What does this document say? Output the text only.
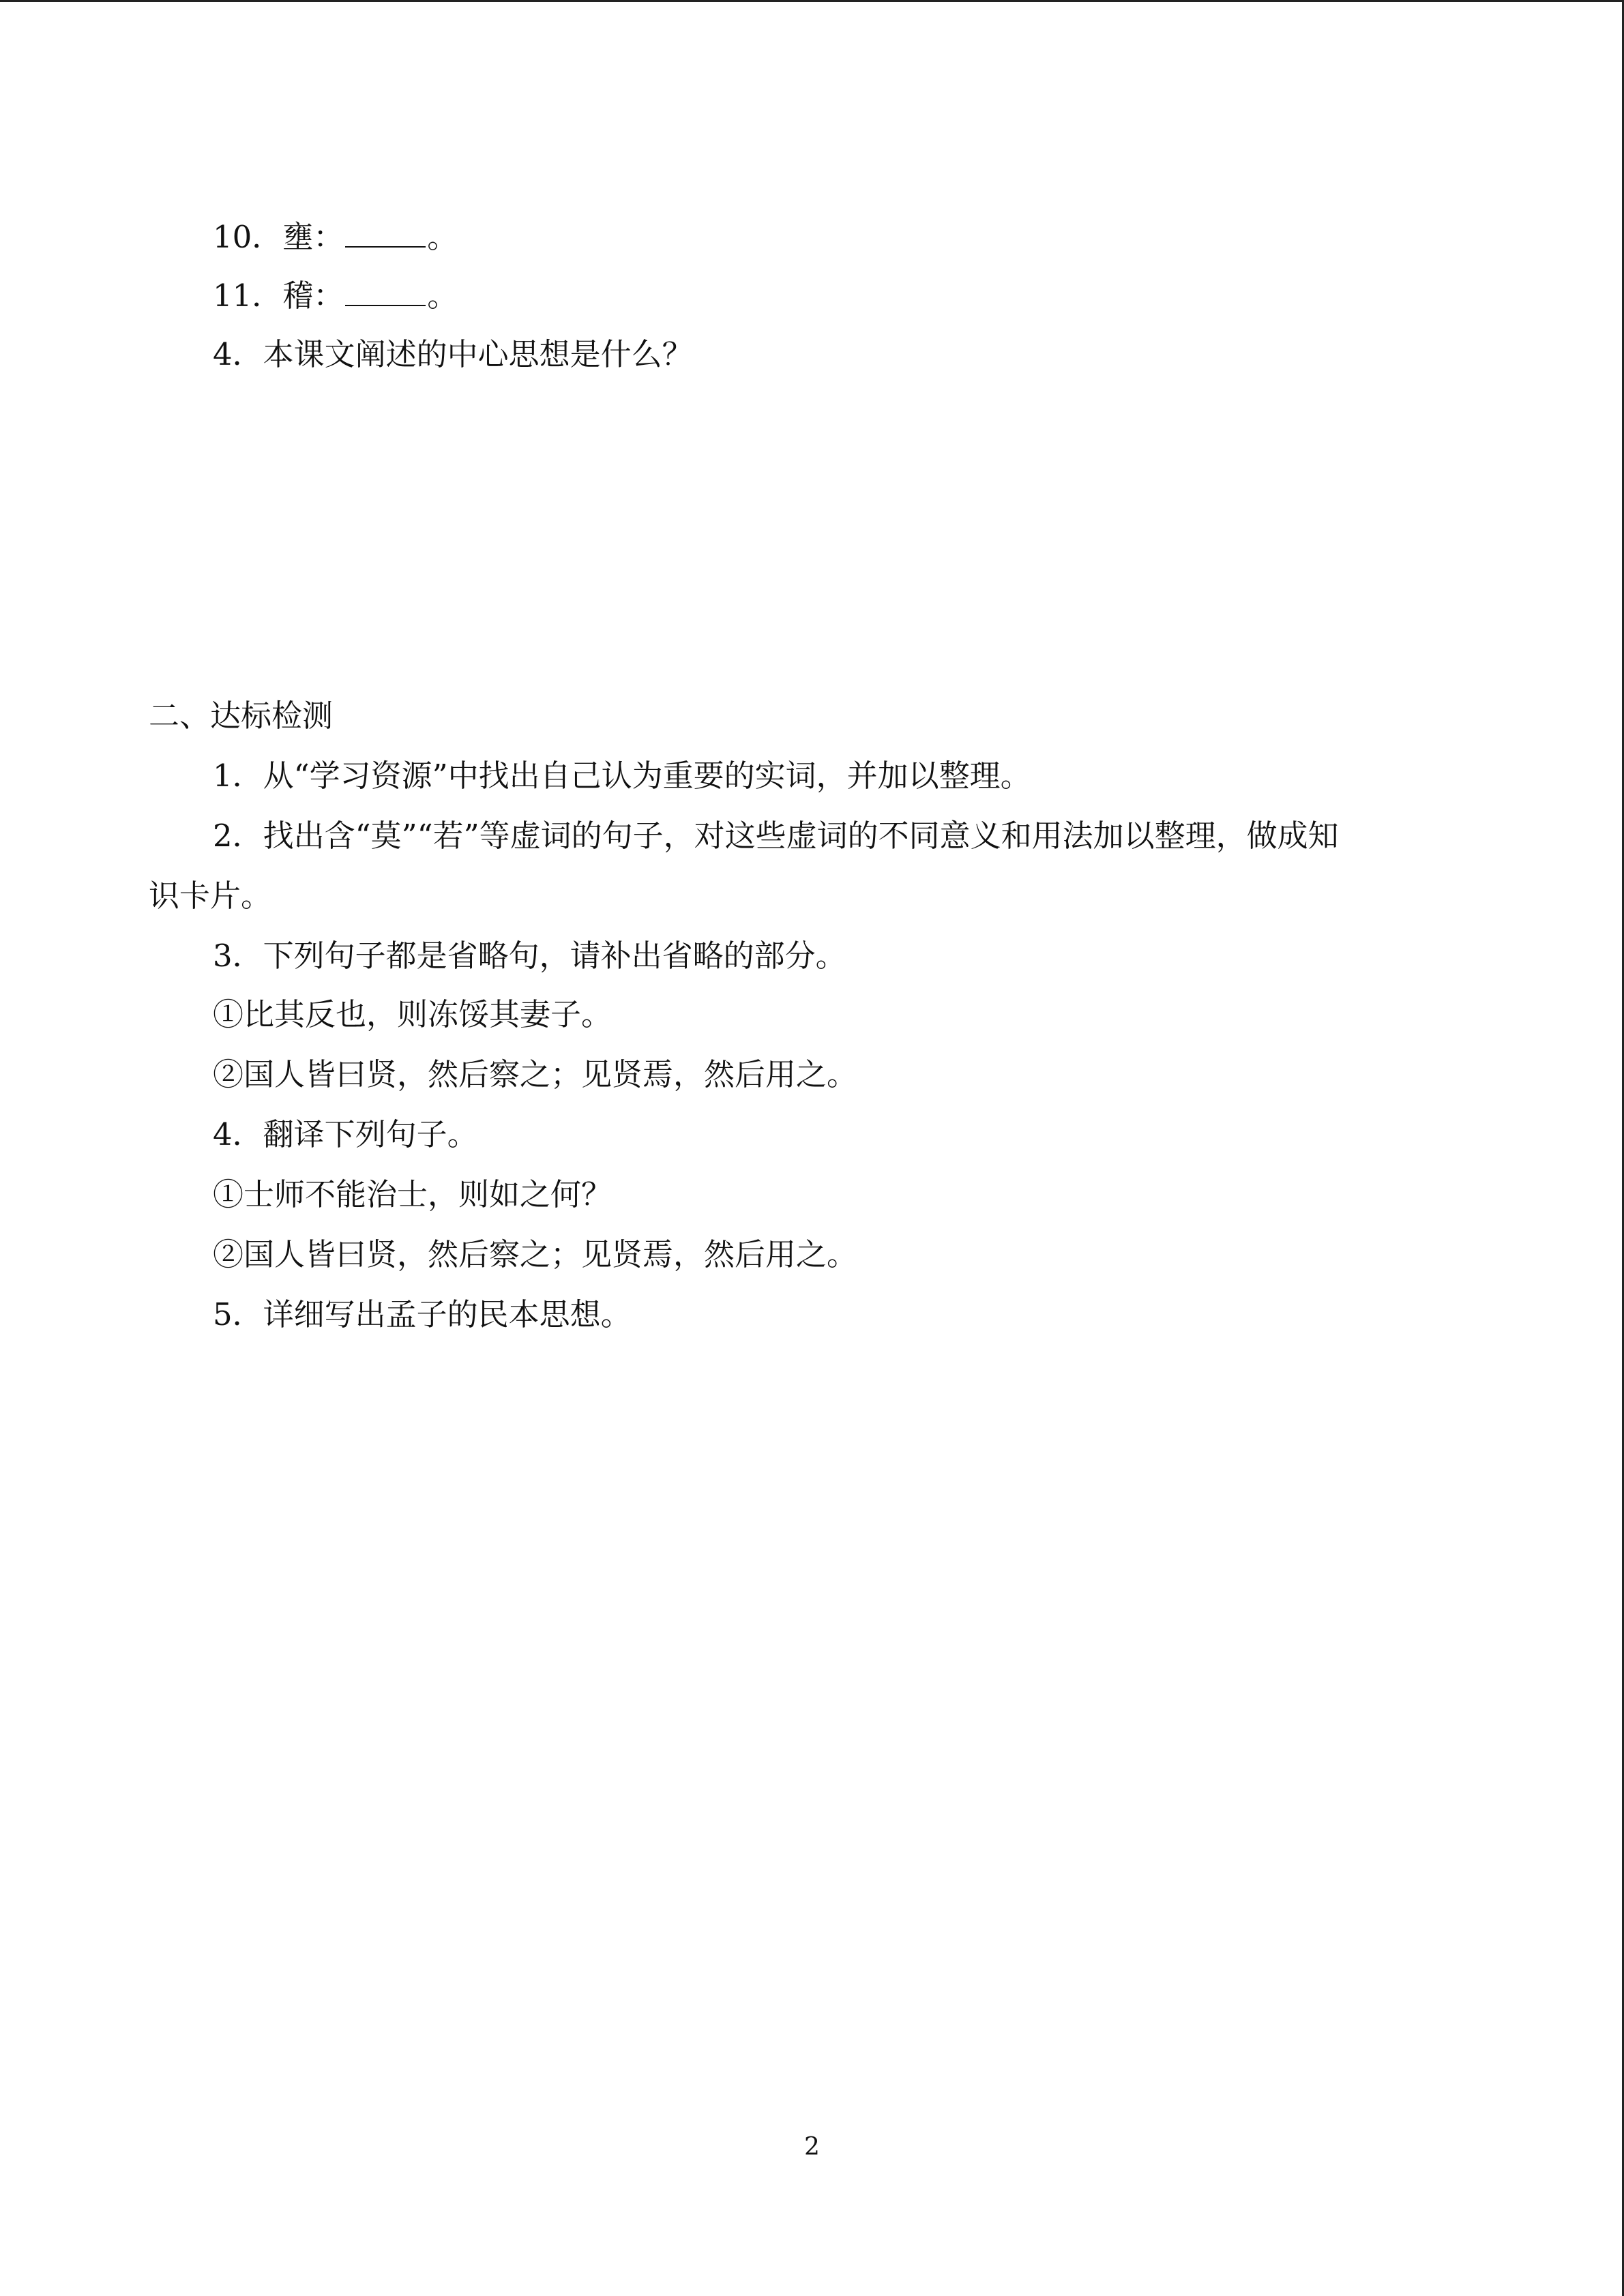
10．壅：	。
11．稽：	。
4．本课文阐述的中心思想是什么？
二、达标检测
1．从“学习资源”中找出自己认为重要的实词，并加以整理。
2．找出含“莫”“若”等虚词的句子，对这些虚词的不同意义和用法加以整理，做成知
识卡片。
3．下列句子都是省略句，请补出省略的部分。
①比其反也，则冻馁其妻子。
②国人皆曰贤，然后察之；见贤焉，然后用之。
4．翻译下列句子。
①士师不能治士，则如之何？
②国人皆曰贤，然后察之；见贤焉，然后用之。
5．详细写出孟子的民本思想。
2
